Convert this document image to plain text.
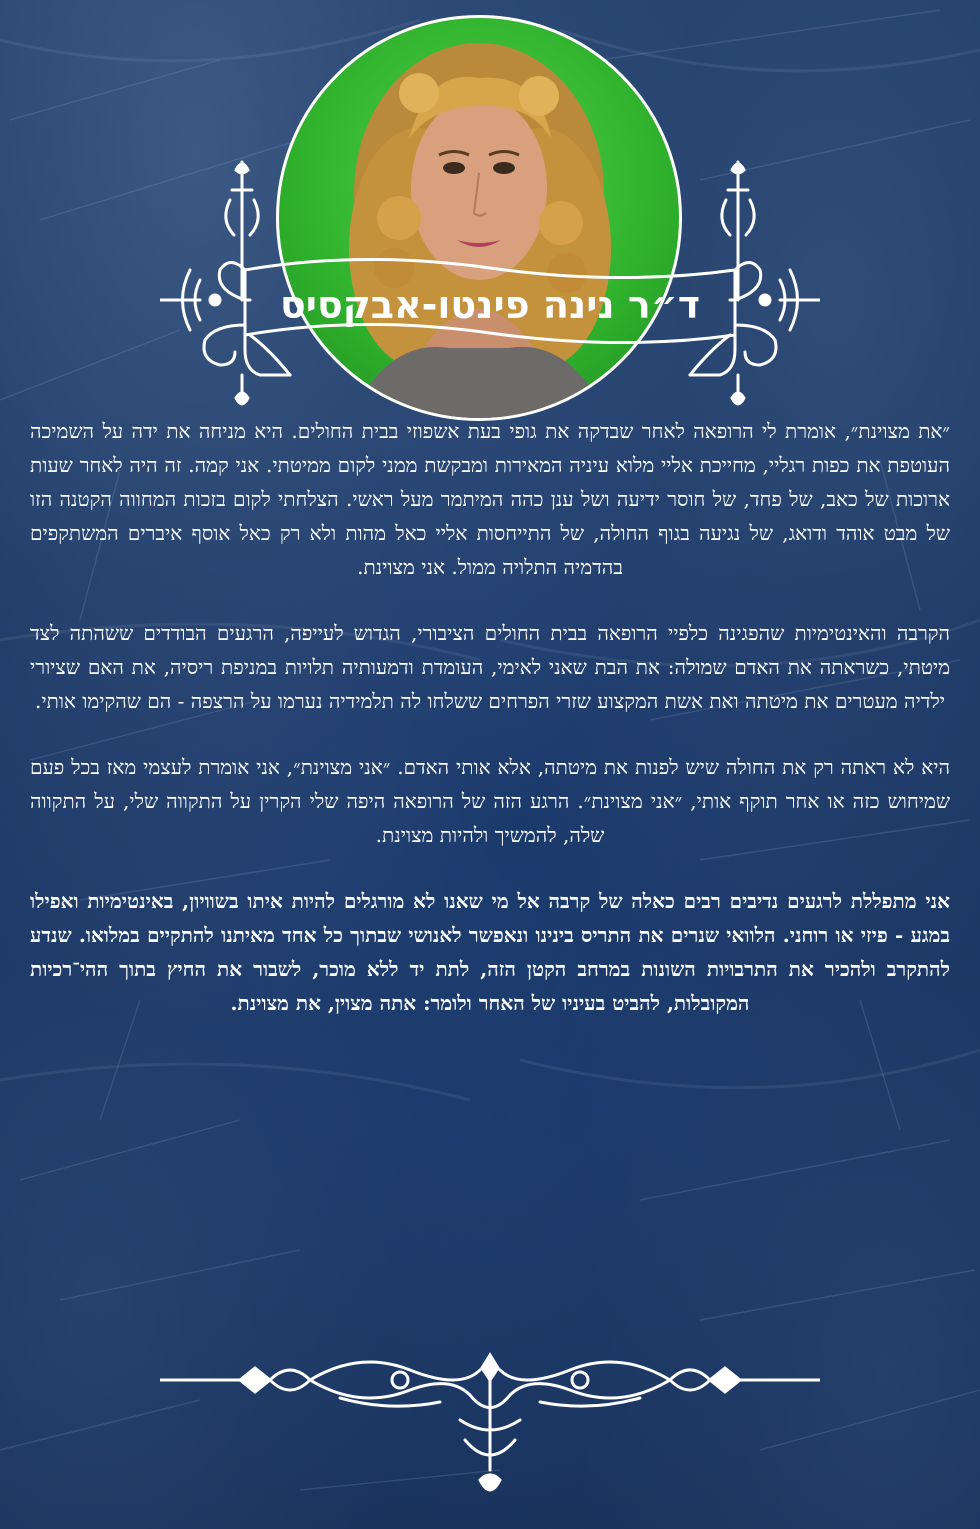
ד״ר נינה פינטו-אבקסיס

״את מצוינת״, אומרת לי הרופאה לאחר שבדקה את גופי בעת אשפוזי בבית החולים. היא מניחה את ידה על השמיכה העוטפת את כפות רגליי, מחייכת אליי מלוא עיניה המאירות ומבקשת ממני לקום ממיטתי. אני קמה. זה היה לאחר שעות ארוכות של כאב, של פחד, של חוסר ידיעה ושל ענן כהה המיתמר מעל ראשי. הצלחתי לקום בזכות המחווה הקטנה הזו של מבט אוהד ודואג, של נגיעה בגוף החולה, של התייחסות אליי כאל מהות ולא רק כאל אוסף איברים המשתקפים בהדמיה התלויה ממול. אני מצוינת.

הקרבה והאינטימיות שהפגינה כלפיי הרופאה בבית החולים הציבורי, הגדוש לעייפה, הרגעים הבודדים ששהתה לצד מיטתי, כשראתה את האדם שמולה: את הבת שאני לאימי, העומדת ודמעותיה תלויות במניפת ריסיה, את האם שציורי ילדיה מעטרים את מיטתה ואת אשת המקצוע שזרי הפרחים ששלחו לה תלמידיה נערמו על הרצפה - הם שהקימו אותי.

היא לא ראתה רק את החולה שיש לפנות את מיטתה, אלא אותי האדם. ״אני מצוינת״, אני אומרת לעצמי מאז בכל פעם שמיחוש כזה או אחר תוקף אותי, ״אני מצוינת״. הרגע הזה של הרופאה היפה שלי הקרין על התקווה שלי, על התקווה שלה, להמשיך ולהיות מצוינת.

אני מתפללת לרגעים נדיבים רבים כאלה של קרבה אל מי שאנו לא מורגלים להיות איתו בשוויון, באינטימיות ואפילו במגע - פיזי או רוחני. הלוואי שנרים את התריס בינינו ונאפשר לאנושי שבתוך כל אחד מאיתנו להתקיים במלואו. שנדע להתקרב ולהכיר את התרבויות השונות במרחב הקטן הזה, לתת יד ללא מוכר, לשבור את החיץ בתוך ההי־רכיות המקובלות, להביט בעיניו של האחר ולומר: אתה מצוין, את מצוינת.
